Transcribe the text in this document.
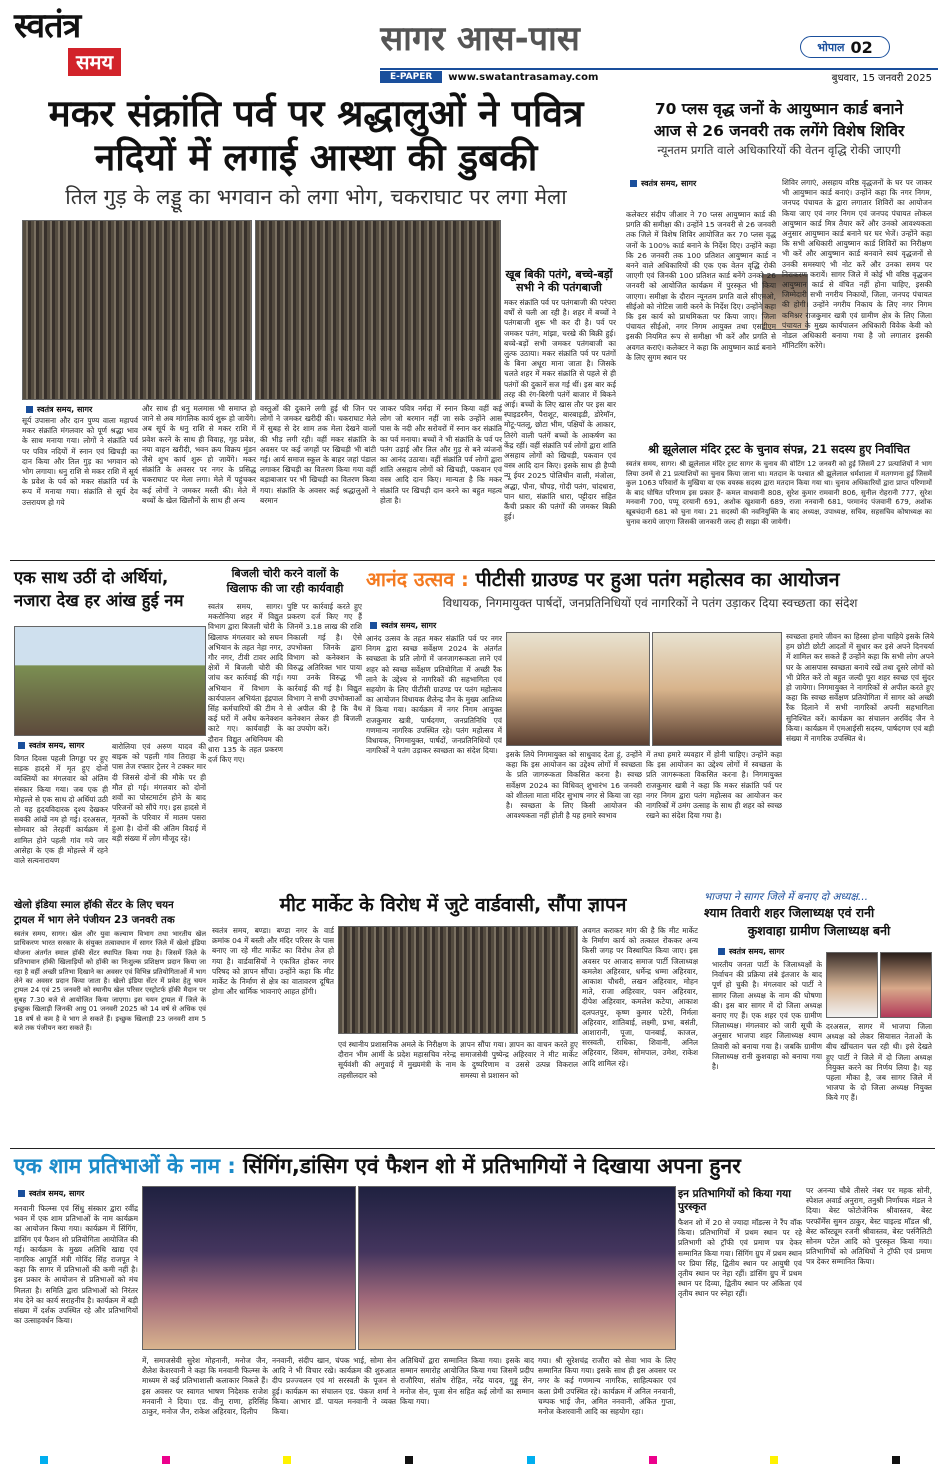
स्वतंत्र
समय
सागर आस-पास	भोपाल 02
E-PAPER	www.swatantrasamay.com	बुधवार, 15 जनवरी 2025
मकर संक्रांति पर्व पर श्रद्धालुओं ने पवित्र
नदियों में लगाई आस्था की डुबकी
तिल गुड़ के लड्डू का भगवान को लगा भोग, चकराघाट पर लगा मेला
खूब बिकी पतंगे, बच्चे-बड़ों सभी ने की पतंगबाजी
स्वतंत्र समय, सागर
सूर्य उपासना और दान पुण्य वाला महापर्व मकर संक्रांति मंगलवार को पूर्ण श्रद्धा भाव के साथ मनाया गया। लोगों ने संक्रांति पर्व पर पवित्र नदियों में स्नान एवं खिचड़ी का दान किया और तिल गुड़ का भगवान को भोग लगाया। धनु राशि से मकर राशि में सूर्य के प्रवेश के पर्व को मकर संक्रांति पर्व के रूप में मनाया गया। संक्रांति से सूर्य देव उत्तरायण हो गये
और साथ ही धनु मलमास भी समाप्त हो जाने से अब मांगलिक कार्य शुरू हो जायेंगे। अब सूर्य के धनु राशि से मकर राशि में प्रवेश करने के साथ ही विवाह, गृह प्रवेश, नया वाहन खरीदी, भवन क्रय विक्रय मुंडन जैसे शुभ कार्य शुरू हो जायेंगे। मकर संक्रांति के अवसर पर नगर के प्रसिद्ध चकराघाट पर मेला लगा। मेले में पहुंचकर कई लोगों ने जमकर मस्ती की। मेले में बच्चों के खेल खिलौनों के साथ ही अन्य
वस्तुओं की दुकाने लगी हुई थी जिन पर लोगों ने जमकर खरीदी की। चकराघाट मेले में सुबह से देर शाम तक मेला देखने वालों की भीड़ लगी रही। वहीं मकर संक्रांति के अवसर पर कई जगहों पर खिचड़ी भी बांटी गई। आर्य समाज स्कूल के बाहर जहां पंडाल लगाकर खिचड़ी का वितरण किया गया वहीं बड़ाबाजार पर भी खिचड़ी का वितरण किया गया। संक्रांति के अवसर कई श्रद्धालुओं ने बरमान
जाकर पवित्र नर्मदा में स्नान किया वहीं कई लोग जो बरमान नहीं जा सके उन्होंने आस पास के नदी और सरोवरों में स्नान कर संक्रांति का पर्व मनाया। बच्चों ने भी संक्रांति के पर्व पर पतंग उड़ाई और तिल और गुड़ से बने व्यंजनों का आनंद उठाया। वहीं संक्रांति पर्व लोगों द्वारा शांति असहाय लोगों को खिचड़ी, पकवान एवं वस्त्र आदि दान किए। मान्यता है कि मकर संक्रांति पर खिचड़ी दान करने का बहुत महत्व होता है।
मकर संक्रांति पर्व पर पतंगबाजी की परंपरा वर्षों से चली आ रही है। शहर में बच्चों ने पतंगबाजी शुरू भी कर दी है। पर्व पर जमकर पतंग, मांझा, चरखे की बिक्री हुई। बच्चे-बड़ों सभी जमकर पतंगबाजी का लुत्फ उठाया। मकर संक्रांति पर्व पर पतंगों के बिना अधूरा माना जाता है। जिसके चलते शहर में मकर संक्रांति से पहले से ही पतंगों की दुकानें सज गई थीं। इस बार कई तरह की रंग-बिरंगी पतंगें बाजार में बिकने आई। बच्चों के लिए खास तौर पर इस बार स्पाइडरमैन, पैराशूट, बारबाइडी, डोरेमॉन, मोटू-पतलू, छोटा भीम, पक्षियों के आकार, तिरंगे वाली पतंगें बच्चों के आकर्षण का केंद्र रहीं। वहीं संक्रांति पर्व लोगों द्वारा शांति असहाय लोगों को खिचड़ी, पकवान एवं वस्त्र आदि दान किए। इसके साथ ही हैप्पी न्यू ईयर 2025 पोलिथीन वाली, मंजोला, अद्धा, पौना, चौपड़, गोदी पतंग, चांदधारा, पान धारा, संक्रांति धारा, पट्टीदार सहित कैंची प्रकार की पतंगों की जमकर बिक्री हुई।
70 प्लस वृद्ध जनों के आयुष्मान कार्ड बनाने
आज से 26 जनवरी तक लगेंगे विशेष शिविर
न्यूनतम प्रगति वाले अधिकारियों की वेतन वृद्धि रोकी जाएगी
स्वतंत्र समय, सागर
कलेक्टर संदीप जीआर ने 70 प्लस आयुष्मान कार्ड की प्रगति की समीक्षा की। उन्होंने 15 जनवरी से 26 जनवरी तक जिले में विशेष शिविर आयोजित कर 70 प्लस वृद्ध जनों के 100% कार्ड बनाने के निर्देश दिए। उन्होंने कहा कि 26 जनवरी तक 100 प्रतिशत आयुष्मान कार्ड न बनने वाले अधिकारियों की एक एक वेतन वृद्धि रोकी जाएगी एवं जिनकी 100 प्रतिशत कार्ड बनेंगे उनको 26 जनवरी को आयोजित कार्यक्रम में पुरस्कृत भी किया जाएगा। समीक्षा के दौरान न्यूनतम प्रगति वाले सीएमओ, सीईओ को नोटिस जारी करने के निर्देश दिए। उन्होंने कहा कि इस कार्य को प्राथमिकता पर किया जाए। जिला पंचायत सीईओ, नगर निगम आयुक्त तथा एसडीएम इसकी नियमित रूप से समीक्षा भी करें और प्रगति से अवगत कराएं। कलेक्टर ने कहा कि आयुष्मान कार्ड बनाने के लिए सुगम स्थान पर
शिविर लगाएं, असहाय वरिष्ठ वृद्धजनों के घर पर जाकर भी आयुष्मान कार्ड बनाएं। उन्होंने कहा कि नगर निगम, जनपद पंचायत के द्वारा लगातार शिविरों का आयोजन किया जाए एवं नगर निगम एवं जनपद पंचायत लोकल आयुष्मान कार्ड मित्र तैयार करें और उनको आवश्यकता अनुसार आयुष्मान कार्ड बनाने घर घर भेजें। उन्होंने कहा कि सभी अधिकारी आयुष्मान कार्ड शिविरों का निरीक्षण भी करें और आयुष्मान कार्ड बनवाने स्वयं वृद्धजनों से उनकी समस्याएं भी नोट करें और उनका समय पर निराकरण करायें। सागर जिले में कोई भी वरिष्ठ वृद्धजन आयुष्मान कार्ड से वंचित नहीं होना चाहिए, इसकी जिम्मेदारी सभी नगरीय निकायों, जिला, जनपद पंचायत की होगी। उन्होंने नगरीय निकाय के लिए नगर निगम कमिश्नर राजकुमार खत्री एवं ग्रामीण क्षेत्र के लिए जिला पंचायत के मुख्य कार्यपालन अधिकारी विवेक केवी को नोडल अधिकारी बनाया गया है जो लगातार इसकी मॉनिटरिंग करेंगे।
श्री झूलेलाल मंदिर ट्रस्ट के चुनाव संपन्न, 21 सदस्य हुए निर्वाचित
स्वतंत्र समय, सागर। श्री झूलेलाल मंदिर ट्रस्ट सागर के चुनाव की वोटिंग 12 जनवरी को हुई जिसमें 27 प्रत्याशियों ने भाग लिया उनमें से 21 प्रत्याशियों का चुनाव किया जाना था। मतदान के पश्चात श्री झूलेलाल धर्मशाला में मतगणना हुई जिसमें कुल 1063 परिवारों के मुखिया या एक वयस्क सदस्य द्वारा मतदान किया गया था। चुनाव अधिकारियों द्वारा प्राप्त परिणामों के बाद घोषित परिणाम इस प्रकार हैं- कमल वाधवानी 808, सुरेश कुमार रामवानी 806, सुनील रोहरानी 777, सुरेश मनवानी 700, पप्पू दरयानी 691, अशोक खुशवानी 689, राजा ननवानी 681, परमानंद पंजवानी 679, अशोक खूबचंदानी 681 को चुना गया। 21 सदस्यों की नवनियुक्ति के बाद अध्यक्ष, उपाध्यक्ष, सचिव, सहसचिव कोषाध्यक्ष का चुनाव कराये जाएगा जिसकी जानकारी जल्द ही साझा की जायेगी।
एक साथ उठीं दो अर्थियां,
नजारा देख हर आंख हुई नम
स्वतंत्र समय, सागर
विगत दिवस पहली तिगड्डा पर हुए सड़क हादसे में मृत हुए दोनों व्यक्तियों का मंगलवार को अंतिम संस्कार किया गया। जब एक ही मोहल्ले से एक साथ दो अर्थियां उठी तो यह हृदयविदारक दृश्य देखकर सबकी आंखें नम हो गई। दरअसल, सोमवार को तेरहवीं कार्यक्रम में शामिल होने पहली गांव गये जार आसेहा के एक ही मोहल्ले में रहने वाले सत्यनारायण
बारोलिया एवं अरुण यादव की बाइक को पहली गांव तिराहा के पास तेज रफ्तार ट्रेलर ने टक्कर मार दी जिससे दोनों की मौके पर ही मौत हो गई। मंगलवार को दोनों शवों का पोस्टमार्टम होने के बाद परिजनों को सौंपे गए। इस हादसे में मृतकों के परिवार में मातम पसरा हुआ है। दोनों की अंतिम विदाई में बड़ी संख्या में लोग मौजूद रहे।
बिजली चोरी करने वालों के
खिलाफ की जा रही कार्यवाही
स्वतंत्र समय, सागर। मकरोनिया शहर में विद्युत विभाग द्वारा बिजली चोरी के खिलाफ मंगलवार को सघन अभियान के तहत नेहा नगर, गौर नगर, टीवी टावर आदि क्षेत्रों में बिजली चोरी की जांच कर कार्रवाई की गई। अभियान में विभाग के कार्यपालन अभियंता इंद्रपाल सिंह कर्मचारियों की टीम ने कई घरों में अवैध कनेक्शन काटे गए। कार्यवाही के दौरान विद्युत अधिनियम की धारा 135 के तहत प्रकरण दर्ज किए गए।
पुष्टि पर कार्रवाई करते हुए प्रकरण दर्ज किए गए हैं जिनमें 3.18 लाख की राशि निकाली गई है। ऐसे उपभोक्ता जिनके द्वारा विभाग को कनेक्शन के विरुद्ध अतिरिक्त भार पाया गया उनके विरुद्ध भी कार्रवाई की गई है। विद्युत विभाग ने सभी उपभोक्ताओं से अपील की है कि वैध कनेक्शन लेकर ही बिजली का उपयोग करें।
आनंद उत्सव : पीटीसी ग्राउण्ड पर हुआ पतंग महोत्सव का आयोजन
विधायक, निगमायुक्त पार्षदों, जनप्रतिनिधियों एवं नागरिकों ने पतंग उड़ाकर दिया स्वच्छता का संदेश
स्वतंत्र समय, सागर
आनंद उत्सव के तहत मकर संक्रांति पर्व पर नगर निगम द्वारा स्वच्छ सर्वेक्षण 2024 के अंतर्गत स्वच्छता के प्रति लोगों में जनजागरूकता लाने एवं शहर को स्वच्छ सर्वेक्षण प्रतियोगिता में अच्छी रैंक लाने के उद्देश्य से नागरिकों की सहभागिता एवं सहयोग के लिए पीटीसी ग्राउण्ड पर पतंग महोत्सव का आयोजन विधायक शैलेन्द्र जैन के मुख्य आतिथ्य में किया गया। कार्यक्रम में नगर निगम आयुक्त राजकुमार खत्री, पार्षदगण, जनप्रतिनिधि एवं गणमान्य नागरिक उपस्थित रहे। पतंग महोत्सव में विधायक, निगमायुक्त, पार्षदों, जनप्रतिनिधियों एवं नागरिकों ने पतंग उड़ाकर स्वच्छता का संदेश दिया।	इसके लिये निगमायुक्त को साधुवाद देता हूं, उन्होंने कहा कि इस आयोजन का उद्देश्य लोगों में स्वच्छता के प्रति जागरूकता विकसित करना है। स्वच्छ सर्वेक्षण 2024 का विधिवत् शुभारंभ 16 जनवरी को शीतला माता मंदिर सुभाष नगर से किया जा रहा है। स्वच्छता के लिए किसी आयोजन की आवश्यकता नहीं होती है यह हमारे स्वभाव
में तथा हमारे व्यवहार में होनी चाहिए। उन्होंने कहा कि इस आयोजन का उद्देश्य लोगों में स्वच्छता के प्रति जागरूकता विकसित करना है। निगमायुक्त राजकुमार खत्री ने कहा कि मकर संक्रांति पर्व पर नगर निगम द्वारा पतंग महोत्सव का आयोजन कर नागरिकों में उमंग उत्साह के साथ ही शहर को स्वच्छ रखने का संदेश दिया गया है।
स्वच्छता हमारे जीवन का हिस्सा होना चाहिये इसके लिये हम छोटी छोटी आदतों में सुधार कर इसे अपने दिनचर्या में शामिल कर सकते हैं उन्होंने कहा कि सभी लोग अपने घर के आसपास स्वच्छता बनाये रखें तथा दूसरे लोगों को भी प्रेरित करें तो बहुत जल्दी पूरा शहर स्वच्छ एवं सुंदर हो जायेगा। निगमायुक्त ने नागरिकों से अपील करते हुए कहा कि स्वच्छ सर्वेक्षण प्रतियोगिता में सागर को अच्छी रैंक दिलाने में सभी नागरिकों अपनी सहभागिता सुनिश्चित करें। कार्यक्रम का संचालन अरविंद जैन ने किया। कार्यक्रम में एमआईसी सदस्य, पार्षदगण एवं बड़ी संख्या में नागरिक उपस्थित थे।
मीट मार्केट के विरोध में जुटे वार्डवासी, सौंपा ज्ञापन
स्वतंत्र समय, बण्डा। बण्डा नगर के वार्ड क्रमांक 04 में बस्ती और मंदिर परिसर के पास बनाए जा रहे मीट मार्केट का विरोध तेज हो गया है। वार्डवासियों ने एकत्रित होकर नगर परिषद को ज्ञापन सौंपा। उन्होंने कहा कि मीट मार्केट के निर्माण से क्षेत्र का वातावरण दूषित होगा और धार्मिक भावनाएं आहत होंगी।
एवं स्थानीय प्रशासनिक अमले के निरीक्षण के दौरान भीम आर्मी के प्रदेश महासचिव नरेन्द्र सूर्यवंशी की अगुवाई में मुख्यमंत्री के नाम तहसीलदार को
ज्ञापन सौंपा गया। ज्ञापन का वाचन करते हुए समाजसेवी पुष्पेन्द्र अहिरवार ने मीट मार्केट के दुष्परिणाम व उससे उत्पन्न विकराल समस्या से प्रशासन को
अवगत कराकर मांग की है कि मीट मार्केट के निर्माण कार्य को तत्काल रोककर अन्य किसी जगह पर विस्थापित किया जाए। इस अवसर पर आजाद समाज पार्टी जिलाध्यक्ष कमलेश अहिरवार, धर्मेन्द्र धम्मा अहिरवार, आकाश चौधरी, लखन अहिरवार, मोहन माते, राजा अहिरवार, पवन अहिरवार, दीपेश अहिरवार, कमलेश कटेया, आकाश दलपतपुर, कृष्ण कुमार पटेरी, निर्मला अहिरवार, शांतिबाई, लक्ष्मी, प्रभा, बसंती, आशारानी, पूजा, पानबाई, काजल, सरस्वती, राधिका, शिवानी, अनिल अहिरवार, शिवम, सोमपाल, उमेश, राकेश आदि शामिल रहे।
खेलो इंडिया स्माल हॉकी सेंटर के लिए चयन
ट्रायल में भाग लेने पंजीयन 23 जनवरी तक
स्वतंत्र समय, सागर। खेल और युवा कल्याण विभाग तथा भारतीय खेल प्राधिकरण भारत सरकार के संयुक्त तत्वावधान में सागर जिले में खेलो इंडिया योजना अंतर्गत स्माल हॉकी सेंटर स्थापित किया गया है। जिसमें जिले के प्रतिभावान हॉकी खिलाड़ियों को हॉकी का निःशुल्क प्रशिक्षण प्रदान किया जा रहा है वहीं अच्छी प्रतिभा दिखाने का अवसर एवं विभिन्न प्रतियोगिताओं में भाग लेने का अवसर प्रदान किया जाता है। खेलो इंडिया सेंटर में प्रवेश हेतु चयन ट्रायल 24 एवं 25 जनवरी को स्थानीय खेल परिसर एस्ट्रोटर्फ हॉकी मैदान पर सुबह 7.30 बजे से आयोजित किया जाएगा। इस चयन ट्रायल में जिले के इच्छुक खिलाड़ी जिनकी आयु 01 जनवरी 2025 को 14 वर्ष से अधिक एवं 18 वर्ष से कम है वे भाग ले सकते हैं। इच्छुक खिलाड़ी 23 जनवरी शाम 5 बजे तक पंजीयन करा सकते हैं।
भाजपा ने सागर जिले में बनाए दो अध्यक्ष...
श्याम तिवारी शहर जिलाध्यक्ष एवं रानी
कुशवाहा ग्रामीण जिलाध्यक्ष बनी
स्वतंत्र समय, सागर
भारतीय जनता पार्टी के जिलाध्यक्षों के निर्वाचन की प्रक्रिया लंबे इंतजार के बाद पूर्ण हो चुकी है। मंगलवार को पार्टी ने सागर जिला अध्यक्ष के नाम की घोषणा की। इस बार सागर में दो जिला अध्यक्ष बनाए गए हैं। एक शहर एवं एक ग्रामीण जिलाध्यक्ष। मंगलवार को जारी सूची के अनुसार भाजपा शहर जिलाध्यक्ष श्याम तिवारी को बनाया गया है। जबकि ग्रामीण जिलाध्यक्ष रानी कुशवाहा को बनाया गया है।
दरअसल, सागर में भाजपा जिला अध्यक्ष को लेकर सियासत नेताओं के बीच खींचतान चल रही थी। इसे देखते हुए पार्टी ने जिले में दो जिला अध्यक्ष नियुक्त करने का निर्णय लिया है। यह पहला मौका है, जब सागर जिले में भाजपा के दो जिला अध्यक्ष नियुक्त किये गए हैं।
एक शाम प्रतिभाओं के नाम : सिंगिंग,डांसिग एवं फैशन शो में प्रतिभागियों ने दिखाया अपना हुनर
स्वतंत्र समय, सागर
मनवानी फिल्म्स एवं सिंधु संस्कार द्वारा रवींद्र भवन में एक शाम प्रतिभाओं के नाम कार्यक्रम का आयोजन किया गया। कार्यक्रम में सिंगिंग, डांसिंग एवं फैशन शो प्रतियोगिता आयोजित की गई। कार्यक्रम के मुख्य अतिथि खाद्य एवं नागरिक आपूर्ति मंत्री गोविंद सिंह राजपूत ने कहा कि सागर में प्रतिभाओं की कमी नहीं है। इस प्रकार के आयोजन से प्रतिभाओं को मंच मिलता है। समिति द्वारा प्रतिभाओं को निरंतर मंच देने का कार्य सराहनीय है। कार्यक्रम में बड़ी संख्या में दर्शक उपस्थित रहे और प्रतिभागियों का उत्साहवर्धन किया।
में, समाजसेवी सुरेश मोहनानी, मनोज जैन, शैलेश केशरवानी ने कहा कि मनवानी फिल्म्स के माध्यम से कई प्रतिभाशाली कलाकार निकले हैं। इस अवसर पर स्वागत भाषण निदेशक राजेश मनवानी ने दिया। एड. वीनू राणा, हरिसिंह ठाकुर, मनोज जैन, राकेश अहिरवार, दिलीप
ननवानी, संदीप खान, चंपक भाई, सोमा सेन आदि ने भी विचार रखे। कार्यक्रम की शुरुआत दीप प्रज्ज्वलन एवं मां सरस्वती के पूजन से हुई। कार्यक्रम का संचालन एड. पंकज शर्मा ने किया। आभार डॉ. पायल मनवानी ने व्यक्त किया।
अतिथियों द्वारा सम्मानित किया गया। इसके बाद सम्मान समारोह आयोजित किया गया जिसमें प्रदीप राजौरिया, संतोष रोहित, नरेंद्र यादव, गुड्डू सेन, मनोज सेन, पूजा सेन सहित कई लोगों का सम्मान किया गया।
गया। श्री सुरेशचंद्र राजौरा को सेवा भाव के लिए सम्मानित किया गया। इसके साथ ही इस अवसर पर नगर के कई गणमान्य नागरिक, साहित्यकार एवं कला प्रेमी उपस्थित रहे। कार्यक्रम में अनिल ननवानी, चम्पक भाई जैन, अमित ननवानी, अंकित गुप्ता, मनोज केशरवानी आदि का सहयोग रहा।
इन प्रतिभागियों को किया गया पुरस्कृत
फैशन शो में 20 से ज्यादा मॉडल्स ने रैंप वॉक किया। प्रतिभागियों में प्रथम स्थान पर रहे प्रतिभागी को ट्रॉफी एवं प्रमाण पत्र देकर सम्मानित किया गया। सिंगिंग ग्रुप में प्रथम स्थान पर प्रिया सिंह, द्वितीय स्थान पर आयुषी एवं तृतीय स्थान पर नेहा रहीं। डांसिंग ग्रुप में प्रथम स्थान पर दिव्या, द्वितीय स्थान पर अंकिता एवं तृतीय स्थान पर स्नेहा रहीं।
पर अनन्या चौबे तीसरे नंबर पर महक सोनी, स्पेशल अवार्ड अनुराग, तनुश्री निर्णायक मंडल ने दिया। बेस्ट फोटोजेनिक श्रीवास्तव, बेस्ट परफॉर्मेंस सुमन ठाकुर, बेस्ट चाइल्ड मॉडल श्री, बेस्ट कॉस्ट्यूम रजनी श्रीवास्तव, बेस्ट पर्सनैलिटी सोनम पटेल आदि को पुरस्कृत किया गया। प्रतिभागियों को अतिथियों ने ट्रॉफी एवं प्रमाण पत्र देकर सम्मानित किया।
